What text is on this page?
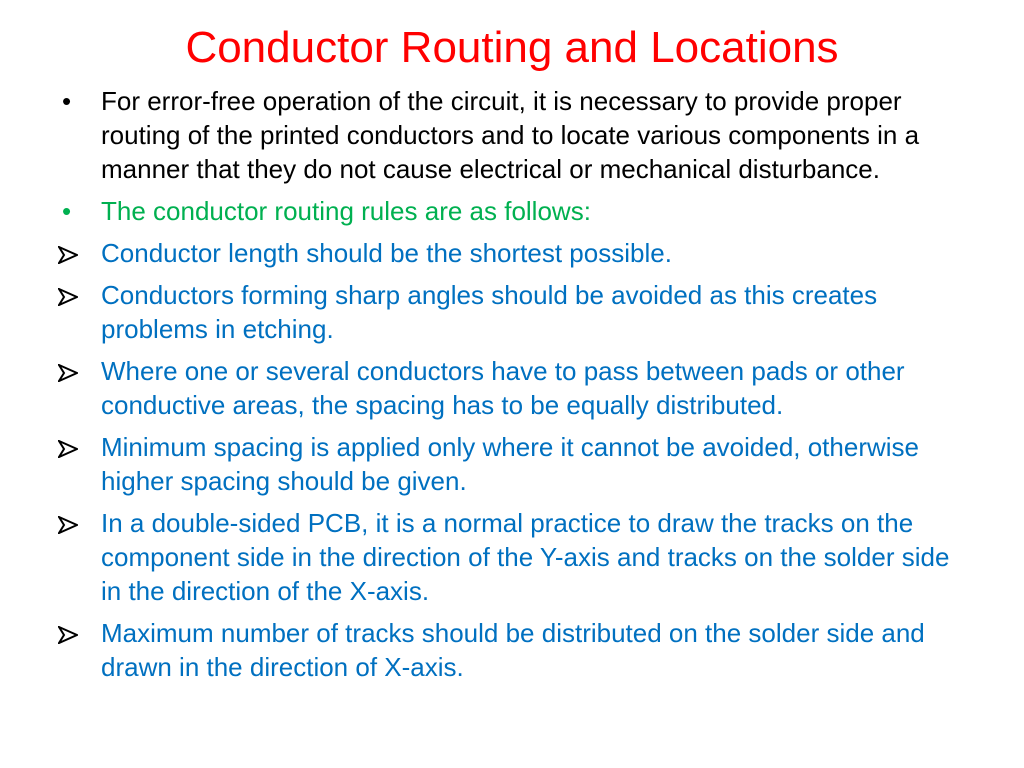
Conductor Routing and Locations
•	For error-free operation of the circuit, it is necessary to provide proper routing of the printed conductors and to locate various components in a manner that they do not cause electrical or mechanical disturbance.
•	The conductor routing rules are as follows:
Conductor length should be the shortest possible.
Conductors forming sharp angles should be avoided as this creates problems in etching.
Where one or several conductors have to pass between pads or other conductive areas, the spacing has to be equally distributed.
Minimum spacing is applied only where it cannot be avoided, otherwise higher spacing should be given.
In a double-sided PCB, it is a normal practice to draw the tracks on the component side in the direction of the Y-axis and tracks on the solder side in the direction of the X-axis.
Maximum number of tracks should be distributed on the solder side and drawn in the direction of X-axis.
